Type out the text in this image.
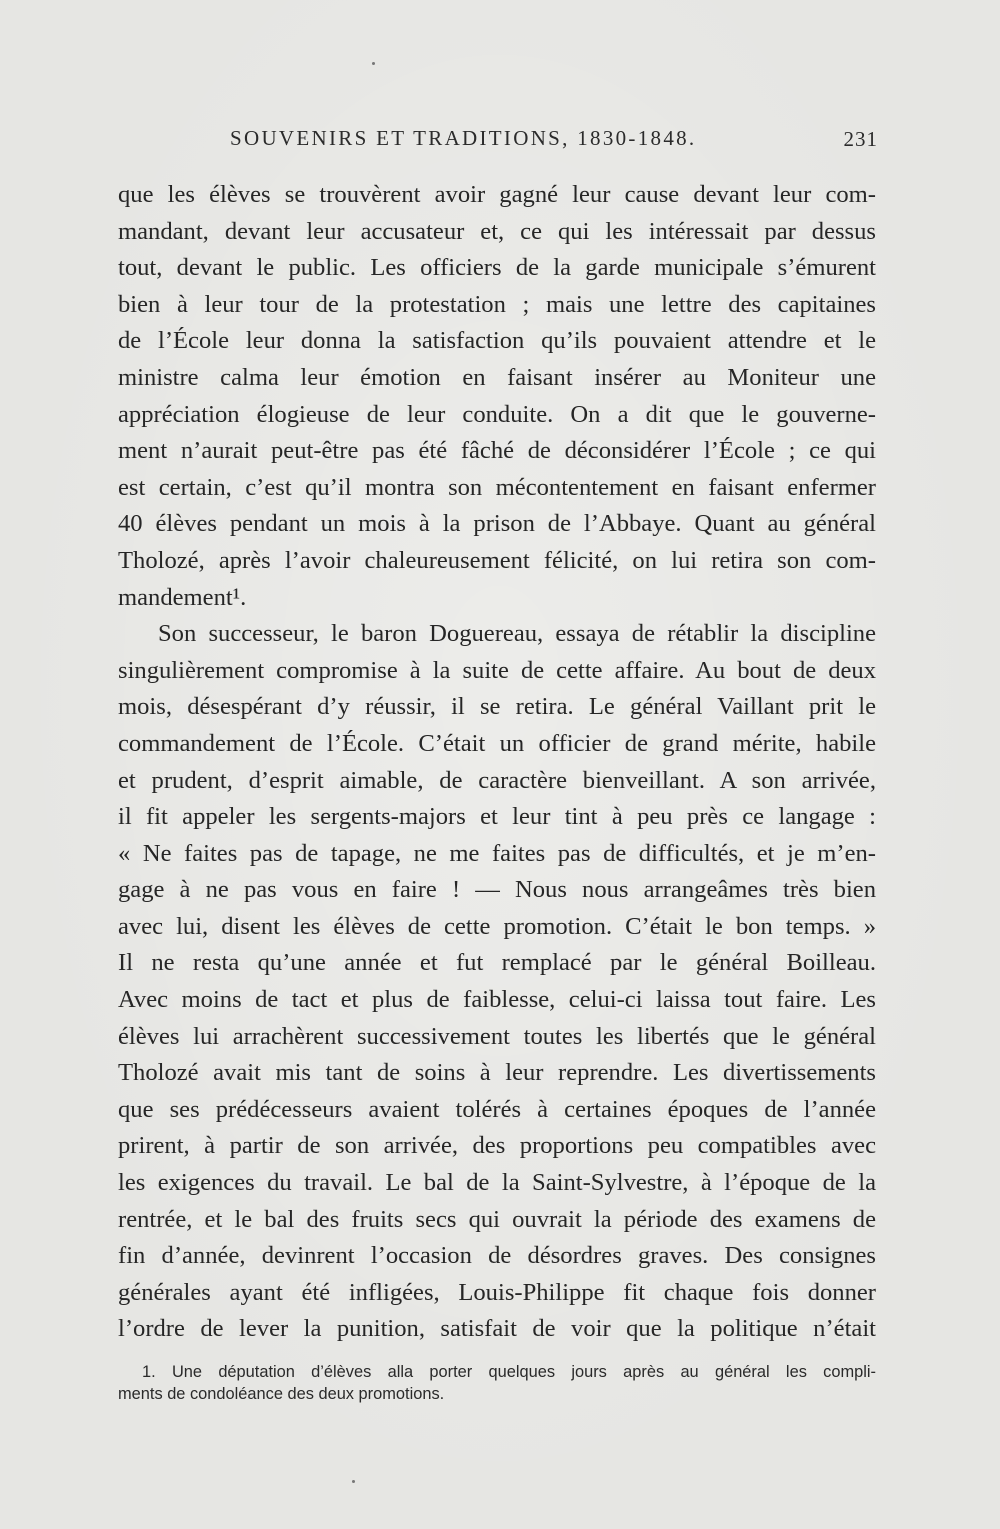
SOUVENIRS ET TRADITIONS, 1830-1848.	231
que les élèves se trouvèrent avoir gagné leur cause devant leur com-
mandant, devant leur accusateur et, ce qui les intéressait par dessus
tout, devant le public. Les officiers de la garde municipale s’émurent
bien à leur tour de la protestation ; mais une lettre des capitaines
de l’École leur donna la satisfaction qu’ils pouvaient attendre et le
ministre calma leur émotion en faisant insérer au Moniteur une
appréciation élogieuse de leur conduite. On a dit que le gouverne-
ment n’aurait peut-être pas été fâché de déconsidérer l’École ; ce qui
est certain, c’est qu’il montra son mécontentement en faisant enfermer
40 élèves pendant un mois à la prison de l’Abbaye. Quant au général
Tholozé, après l’avoir chaleureusement félicité, on lui retira son com-
mandement¹.
Son successeur, le baron Doguereau, essaya de rétablir la discipline
singulièrement compromise à la suite de cette affaire. Au bout de deux
mois, désespérant d’y réussir, il se retira. Le général Vaillant prit le
commandement de l’École. C’était un officier de grand mérite, habile
et prudent, d’esprit aimable, de caractère bienveillant. A son arrivée,
il fit appeler les sergents-majors et leur tint à peu près ce langage :
« Ne faites pas de tapage, ne me faites pas de difficultés, et je m’en-
gage à ne pas vous en faire ! — Nous nous arrangeâmes très bien
avec lui, disent les élèves de cette promotion. C’était le bon temps. »
Il ne resta qu’une année et fut remplacé par le général Boilleau.
Avec moins de tact et plus de faiblesse, celui-ci laissa tout faire. Les
élèves lui arrachèrent successivement toutes les libertés que le général
Tholozé avait mis tant de soins à leur reprendre. Les divertissements
que ses prédécesseurs avaient tolérés à certaines époques de l’année
prirent, à partir de son arrivée, des proportions peu compatibles avec
les exigences du travail. Le bal de la Saint-Sylvestre, à l’époque de la
rentrée, et le bal des fruits secs qui ouvrait la période des examens de
fin d’année, devinrent l’occasion de désordres graves. Des consignes
générales ayant été infligées, Louis-Philippe fit chaque fois donner
l’ordre de lever la punition, satisfait de voir que la politique n’était
1. Une députation d’élèves alla porter quelques jours après au général les compli-
ments de condoléance des deux promotions.
